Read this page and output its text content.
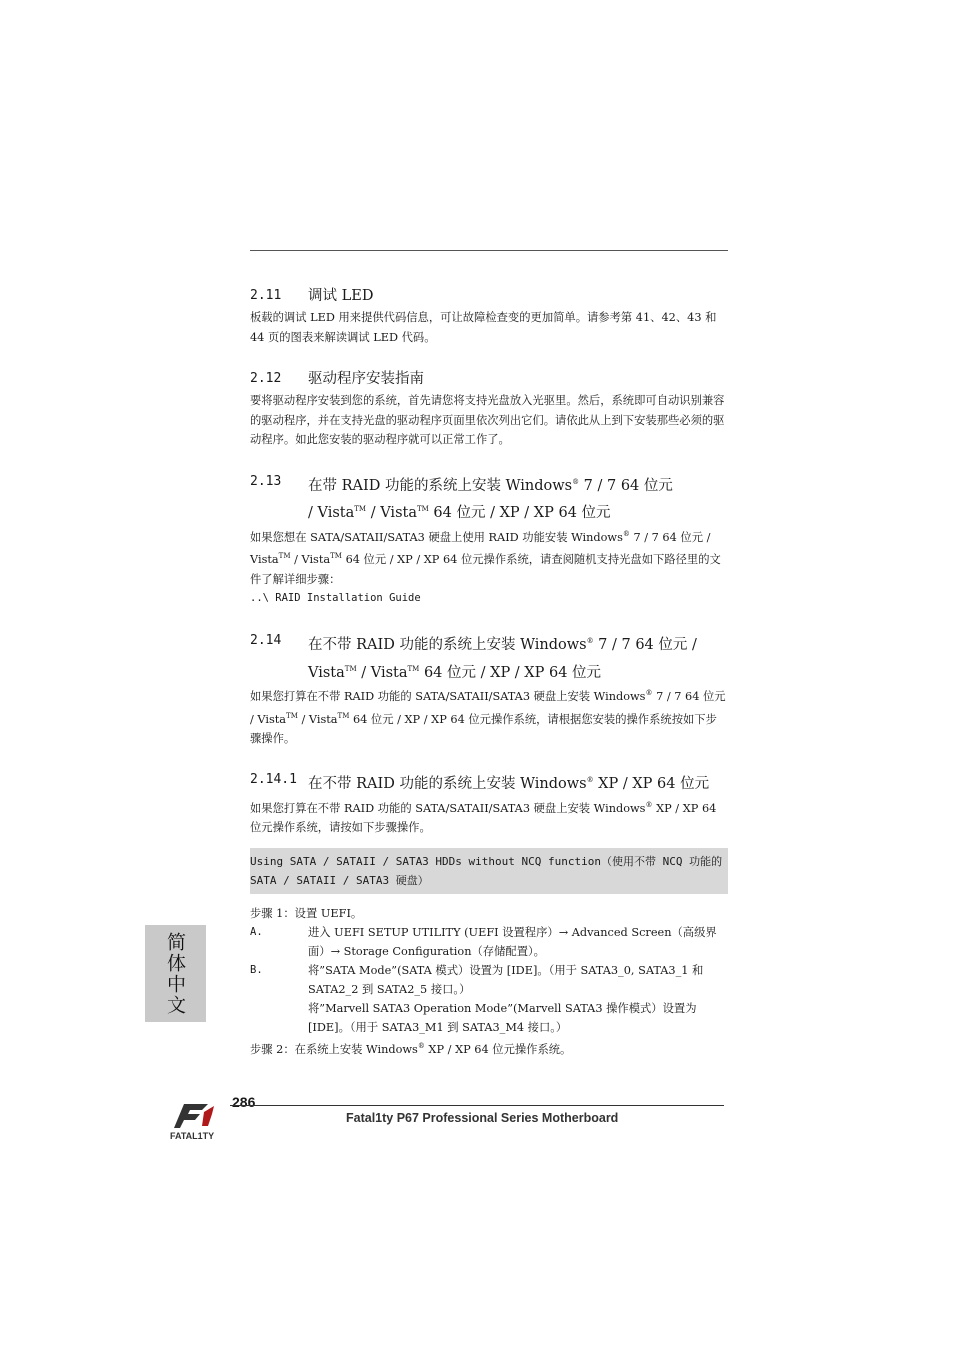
2.11	调试 LED

板载的调试 LED 用来提供代码信息，可让故障检查变的更加简单。请参考第 41、42、43 和 44 页的图表来解读调试 LED 代码。

2.12	驱动程序安装指南

要将驱动程序安装到您的系统，首先请您将支持光盘放入光驱里。然后，系统即可自动识别兼容的驱动程序，并在支持光盘的驱动程序页面里依次列出它们。请依此从上到下安装那些必须的驱动程序。如此您安装的驱动程序就可以正常工作了。

2.13	在带 RAID 功能的系统上安装 Windows® 7 / 7 64 位元
/ Vista™ / Vista™ 64 位元 / XP / XP 64 位元

如果您想在 SATA/SATAII/SATA3 硬盘上使用 RAID 功能安装 Windows® 7 / 7 64 位元 / Vista™ / Vista™ 64 位元 / XP / XP 64 位元操作系统，请查阅随机支持光盘如下路径里的文件了解详细步骤：

..\ RAID Installation Guide

2.14	在不带 RAID 功能的系统上安装 Windows® 7 / 7 64 位元 /
Vista™ / Vista™ 64 位元 / XP / XP 64 位元

如果您打算在不带 RAID 功能的 SATA/SATAII/SATA3 硬盘上安装 Windows® 7 / 7 64 位元 / Vista™ / Vista™ 64 位元 / XP / XP 64 位元操作系统，请根据您安装的操作系统按如下步骤操作。

2.14.1 在不带 RAID 功能的系统上安装 Windows® XP / XP 64 位元

如果您打算在不带 RAID 功能的 SATA/SATAII/SATA3 硬盘上安装 Windows® XP / XP 64 位元操作系统，请按如下步骤操作。

Using SATA / SATAII / SATA3 HDDs without NCQ function（使用不带 NCQ 功能的

SATA / SATAII / SATA3 硬盘）

步骤 1：设置 UEFI。

A.	进入 UEFI SETUP UTILITY (UEFI 设置程序）→ Advanced Screen（高级界面）→ Storage Configuration（存储配置）。
B.	将”SATA Mode”(SATA 模式）设置为 [IDE]。（用于 SATA3_0, SATA3_1 和 SATA2_2 到 SATA2_5 接口。）
将”Marvell SATA3 Operation Mode”(Marvell SATA3 操作模式）设置为 [IDE]。（用于 SATA3_M1 到 SATA3_M4 接口。）

步骤 2：在系统上安装 Windows® XP / XP 64 位元操作系统。

简体中文
FATAL1TY
286
Fatal1ty P67 Professional Series Motherboard
